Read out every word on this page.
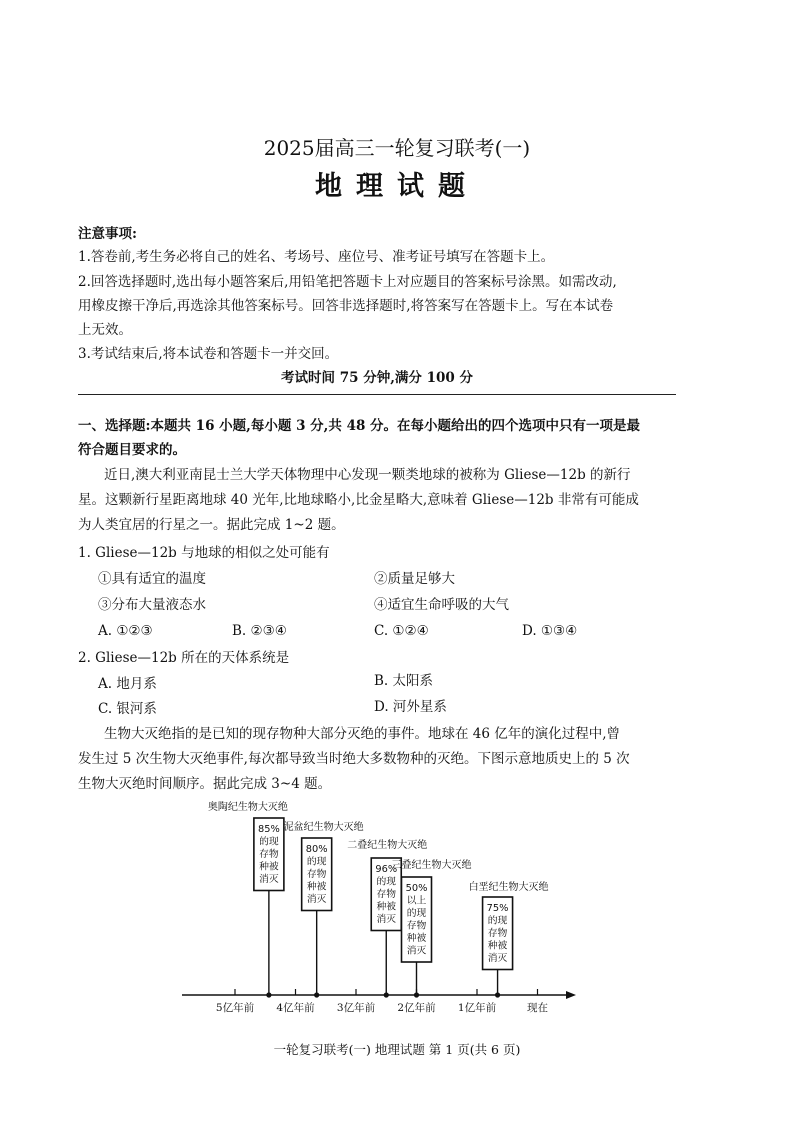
2025届高三一轮复习联考(一)
地理试题
注意事项:
1.答卷前,考生务必将自己的姓名、考场号、座位号、准考证号填写在答题卡上。
2.回答选择题时,选出每小题答案后,用铅笔把答题卡上对应题目的答案标号涂黑。如需改动,
用橡皮擦干净后,再选涂其他答案标号。回答非选择题时,将答案写在答题卡上。写在本试卷
上无效。
3.考试结束后,将本试卷和答题卡一并交回。
考试时间 75 分钟,满分 100 分
一、选择题:本题共 16 小题,每小题 3 分,共 48 分。在每小题给出的四个选项中只有一项是最
符合题目要求的。
近日,澳大利亚南昆士兰大学天体物理中心发现一颗类地球的被称为 Gliese—12b 的新行
星。这颗新行星距离地球 40 光年,比地球略小,比金星略大,意味着 Gliese—12b 非常有可能成
为人类宜居的行星之一。据此完成 1~2 题。
1. Gliese—12b 与地球的相似之处可能有
①具有适宜的温度	②质量足够大
③分布大量液态水	④适宜生命呼吸的大气
A. ①②③	B. ②③④	C. ①②④	D. ①③④
2. Gliese—12b 所在的天体系统是
A. 地月系	B. 太阳系
C. 银河系	D. 河外星系
生物大灭绝指的是已知的现存物种大部分灭绝的事件。地球在 46 亿年的演化过程中,曾
发生过 5 次生物大灭绝事件,每次都导致当时绝大多数物种的灭绝。下图示意地质史上的 5 次
生物大灭绝时间顺序。据此完成 3~4 题。
5亿年前 4亿年前 3亿年前 2亿年前 1亿年前	现在
奥陶纪生物大灭绝
85%
的现
存物
种被
消灭
泥盆纪生物大灭绝
80%
的现
存物
种被
消灭
二叠纪生物大灭绝
96%
的现
存物
种被
消灭
三叠纪生物大灭绝
50%
以上
的现
存物
种被
消灭
白垩纪生物大灭绝
75%
的现
存物
种被
消灭
一轮复习联考(一) 地理试题 第 1 页(共 6 页)
